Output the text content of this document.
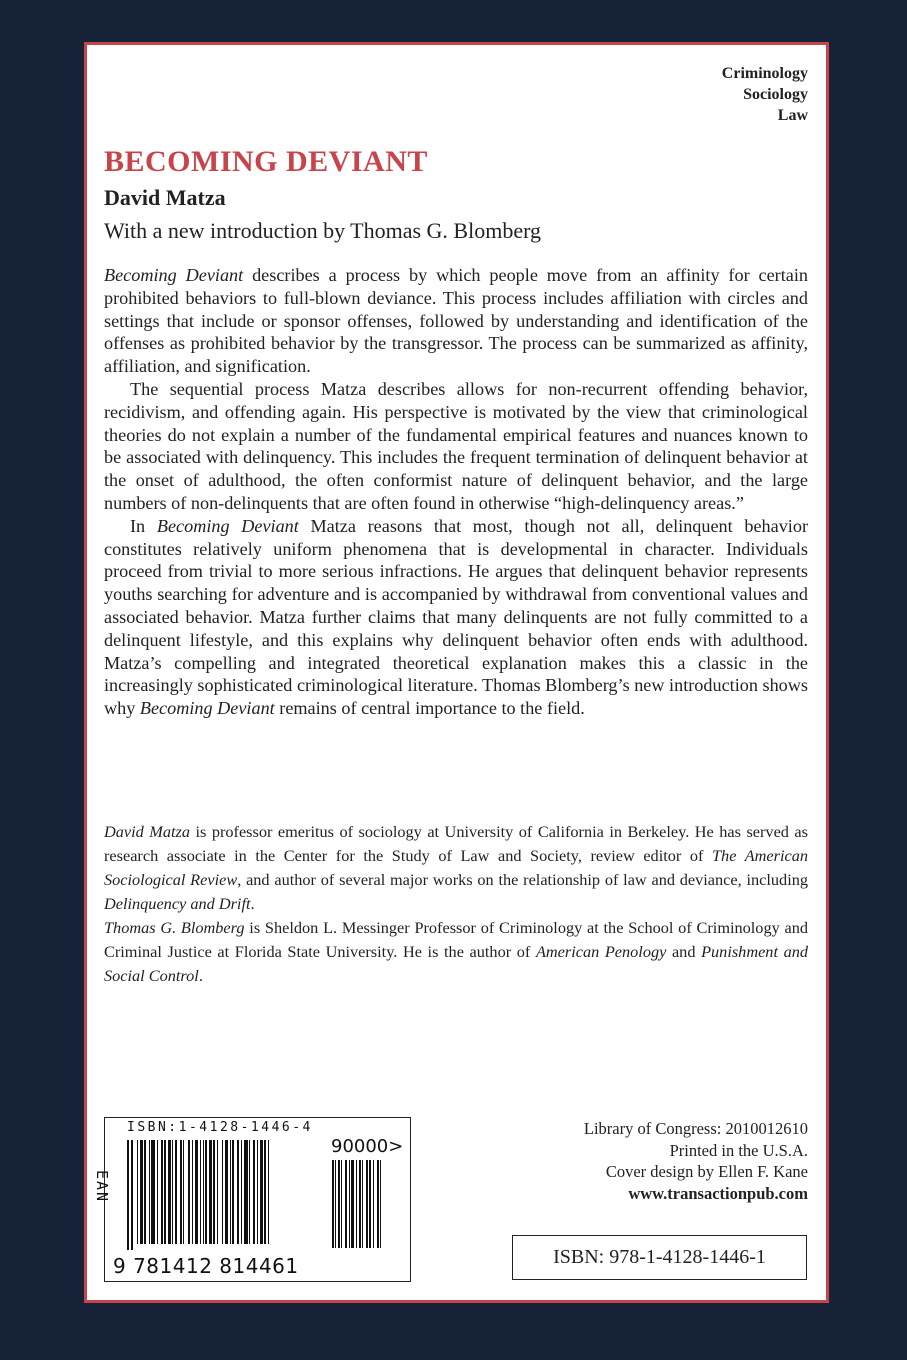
Criminology
Sociology
Law
BECOMING DEVIANT
David Matza
With a new introduction by Thomas G. Blomberg

Becoming Deviant describes a process by which people move from an affinity for certain prohibited behaviors to full-blown deviance. This process includes affiliation with circles and settings that include or sponsor offenses, followed by understanding and identification of the offenses as prohibited behavior by the transgressor. The process can be summarized as affinity, affiliation, and signification.

The sequential process Matza describes allows for non-recurrent offending behavior, recidivism, and offending again. His perspective is motivated by the view that criminological theories do not explain a number of the fundamental empirical features and nuances known to be associated with delinquency. This includes the frequent termination of delinquent behavior at the onset of adulthood, the often conformist nature of delinquent behavior, and the large numbers of non-delinquents that are often found in otherwise “high-delinquency areas.”

In Becoming Deviant Matza reasons that most, though not all, delinquent behavior constitutes relatively uniform phenomena that is developmental in character. Individuals proceed from trivial to more serious infractions. He argues that delinquent behavior represents youths searching for adventure and is accompanied by withdrawal from conventional values and associated behavior. Matza further claims that many delinquents are not fully committed to a delinquent lifestyle, and this explains why delinquent behavior often ends with adulthood. Matza’s compelling and integrated theoretical explanation makes this a classic in the increasingly sophisticated criminological literature. Thomas Blomberg’s new introduction shows why Becoming Deviant remains of central importance to the field.

David Matza is professor emeritus of sociology at University of California in Berkeley. He has served as research associate in the Center for the Study of Law and Society, review editor of The American Sociological Review, and author of several major works on the relationship of law and deviance, including Delinquency and Drift.

Thomas G. Blomberg is Sheldon L. Messinger Professor of Criminology at the School of Criminology and Criminal Justice at Florida State University. He is the author of American Penology and Punishment and Social Control.

ISBN:1-4128-1446-4
EAN
90000>
9 781412 814461
Library of Congress: 2010012610
Printed in the U.S.A.
Cover design by Ellen F. Kane
www.transactionpub.com
ISBN: 978-1-4128-1446-1
